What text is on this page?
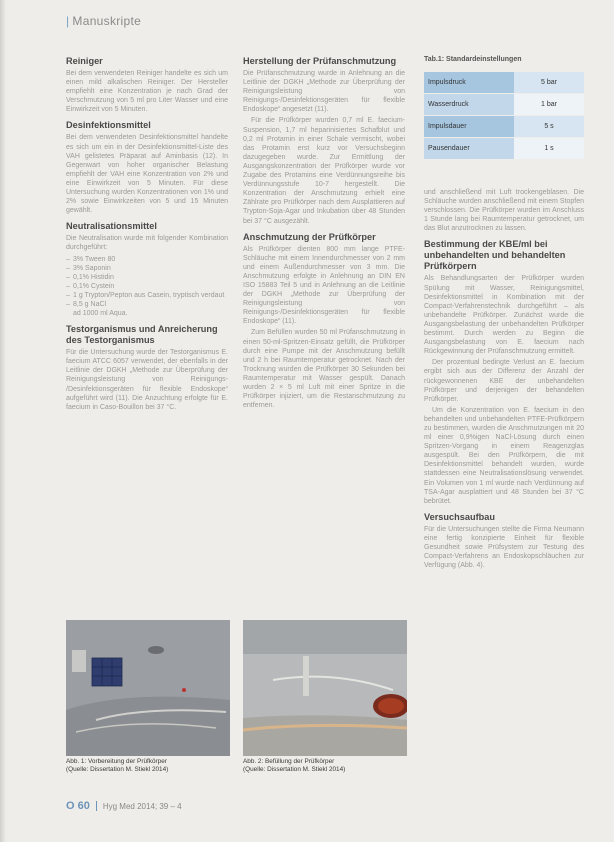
| Manuskripte
Reiniger
Bei dem verwendeten Reiniger handelte es sich um einen mild alkalischen Reiniger. Der Hersteller empfiehlt eine Konzentration je nach Grad der Verschmutzung von 5 ml pro Liter Wasser und eine Einwirkzeit von 5 Minuten.
Desinfektionsmittel
Bei dem verwendeten Desinfektionsmittel handelte es sich um ein in der Desinfektionsmittel-Liste des VAH gelistetes Präparat auf Aminbasis (12). In Gegenwart von hoher organischer Belastung empfiehlt der VAH eine Konzentration von 2% und eine Einwirkzeit von 5 Minuten. Für diese Untersuchung wurden Konzentrationen von 1% und 2% sowie Einwirkzeiten von 5 und 15 Minuten gewählt.
Neutralisationsmittel
Die Neutralisation wurde mit folgender Kombination durchgeführt:
– 3% Tween 80
– 3% Saponin
– 0,1% Histidin
– 0,1% Cystein
– 1 g Trypton/Pepton aus Casein, tryptisch verdaut
– 8,5 g NaCl
ad 1000 ml Aqua.
Testorganismus und Anreicherung des Testorganismus
Für die Untersuchung wurde der Testorganismus E. faecium ATCC 6057 verwendet, der ebenfalls in der Leitlinie der DGKH „Methode zur Überprüfung der Reinigungsleistung von Reinigungs- /Desinfektionsgeräten für flexible Endoskope“ aufgeführt wird (11). Die Anzuchtung erfolgte für E. faecium in Caso-Bouillon bei 37 °C.
Herstellung der Prüfanschmutzung
Die Prüfanschmutzung wurde in Anlehnung an die Leitlinie der DGKH „Methode zur Überprüfung der Reinigungsleistung von Reinigungs-/Desinfektionsgeräten für flexible Endoskope“ angesetzt (11).
Für die Prüfkörper wurden 0,7 ml E. faecium-Suspension, 1,7 ml heparinisiertes Schafblut und 0,2 ml Protamin in einer Schale vermischt, wobei das Protamin erst kurz vor Versuchsbeginn dazugegeben wurde. Zur Ermittlung der Ausgangskonzentration der Prüfkörper wurde vor Zugabe des Protamins eine Verdünnungsreihe bis Verdünnungsstufe 10-7 hergestellt. Die Konzentration der Anschmutzung erhielt eine Zählrate pro Prüfkörper nach dem Ausplattieren auf Trypton-Soja-Agar und Inkubation über 48 Stunden bei 37 °C ausgezählt.
Anschmutzung der Prüfkörper
Als Prüfkörper dienten 800 mm lange PTFE-Schläuche mit einem Innendurchmesser von 2 mm und einem Außendurchmesser von 3 mm. Die Anschmutzung erfolgte in Anlehnung an DIN EN ISO 15883 Teil 5 und in Anlehnung an die Leitlinie der DGKH „Methode zur Überprüfung der Reinigungsleistung von Reinigungs-/Desinfektionsgeräten für flexible Endoskope“ (11).
Zum Befüllen wurden 50 ml Prüfanschmutzung in einen 50-ml-Spritzen-Einsatz gefüllt, die Prüfkörper durch eine Pumpe mit der Anschmutzung befüllt und 2 h bei Raumtemperatur getrocknet. Nach der Trocknung wurden die Prüfkörper 30 Sekunden bei Raumtemperatur mit Wasser gespült. Danach wurden 2 × 5 ml Luft mit einer Spritze in die Prüfkörper injiziert, um die Restanschmutzung zu entfernen.
Tab.1: Standardeinstellungen
Impulsdruck	5 bar
Wasserdruck	1 bar
Impulsdauer	5 s
Pausendauer	1 s
und anschließend mit Luft trockengeblasen. Die Schläuche wurden anschließend mit einem Stopfen verschlossen. Die Prüfkörper wurden im Anschluss 1 Stunde lang bei Raumtemperatur getrocknet, um das Blut anzutrocknen zu lassen.
Bestimmung der KBE/ml bei unbehandelten und behandelten Prüfkörpern
Als Behandlungsarten der Prüfkörper wurden Spülung mit Wasser, Reinigungsmittel, Desinfektionsmittel in Kombination mit der Compact-Verfahrenstechnik durchgeführt – als unbehandelte Prüfkörper. Zunächst wurde die Ausgangsbelastung der unbehandelten Prüfkörper bestimmt. Durch werden zu Beginn die Ausgangsbelastung von E. faecium nach Rückgewinnung der Prüfanschmutzung ermittelt.
Der prozentual bedingte Verlust an E. faecium ergibt sich aus der Differenz der Anzahl der rückgewonnenen KBE der unbehandelten Prüfkörper und derjenigen der behandelten Prüfkörper.
Um die Konzentration von E. faecium in den behandelten und unbehandelten PTFE-Prüfkörpern zu bestimmen, wurden die Anschmutzungen mit 20 ml einer 0,9%igen NaCl-Lösung durch einen Spritzen-Vorgang in einem Reagenzglas ausgespült. Bei den Prüfkörpern, die mit Desinfektionsmittel behandelt wurden, wurde stattdessen eine Neutralisationslösung verwendet. Ein Volumen von 1 ml wurde nach Verdünnung auf TSA-Agar ausplattiert und 48 Stunden bei 37 °C bebrütet.
Versuchsaufbau
Für die Untersuchungen stellte die Firma Neumann eine fertig konzipierte Einheit für flexible Gesundheit sowie Prüfsystem zur Testung des Compact-Verfahrens an Endoskopschläuchen zur Verfügung (Abb. 4).
Abb. 1: Vorbereitung der Prüfkörper
(Quelle: Dissertation M. Stiekl 2014)
Abb. 2: Befüllung der Prüfkörper
(Quelle: Dissertation M. Stiekl 2014)
O 60 Hyg Med 2014; 39 – 4
